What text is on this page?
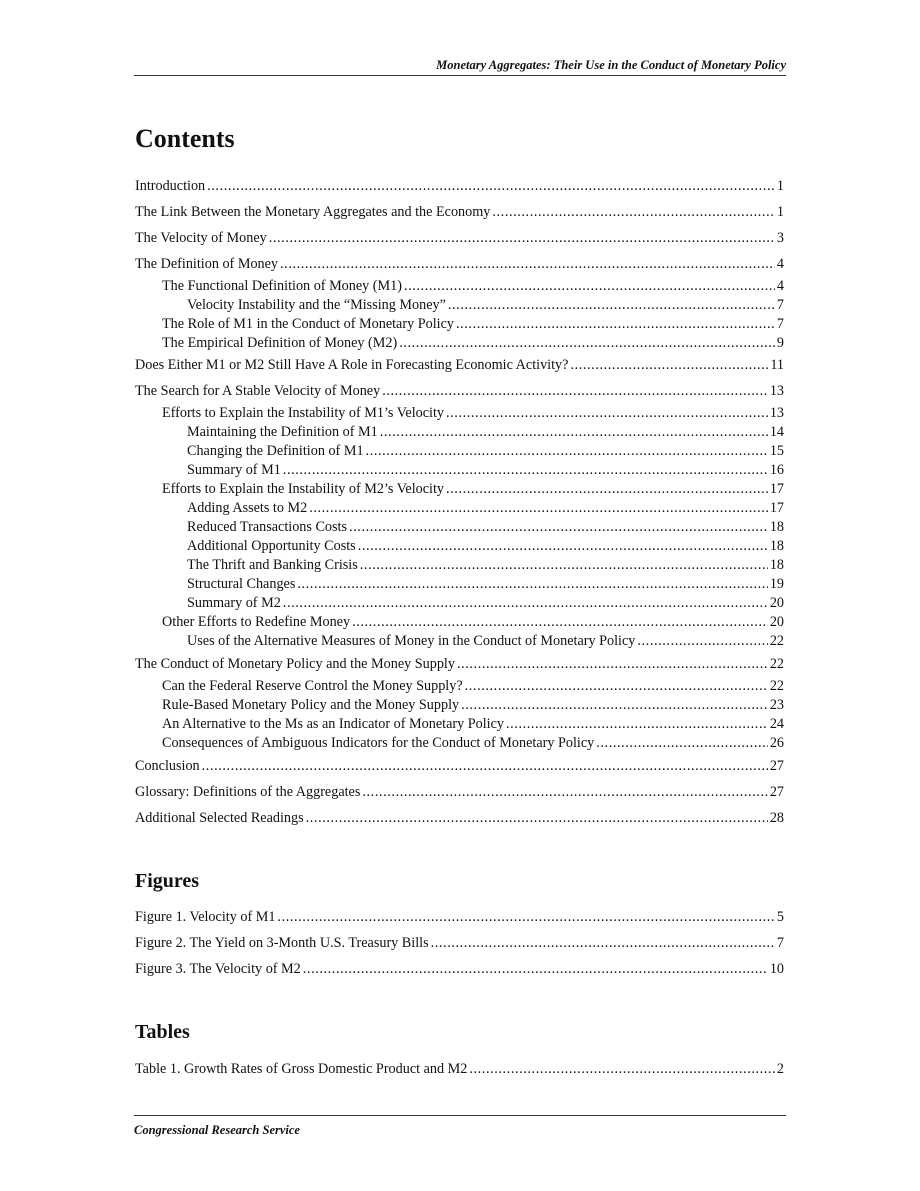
Monetary Aggregates: Their Use in the Conduct of Monetary Policy
Contents
Introduction .....	1
The Link Between the Monetary Aggregates and the Economy .....	1
The Velocity of Money .....	3
The Definition of Money .....	4
The Functional Definition of Money (M1) .....	4
Velocity Instability and the “Missing Money” .....	7
The Role of M1 in the Conduct of Monetary Policy .....	7
The Empirical Definition of Money (M2) .....	9
Does Either M1 or M2 Still Have A Role in Forecasting Economic Activity? .....	11
The Search for A Stable Velocity of Money .....	13
Efforts to Explain the Instability of M1’s Velocity .....	13
Maintaining the Definition of M1 .....	14
Changing the Definition of M1 .....	15
Summary of M1 .....	16
Efforts to Explain the Instability of M2’s Velocity .....	17
Adding Assets to M2 .....	17
Reduced Transactions Costs .....	18
Additional Opportunity Costs .....	18
The Thrift and Banking Crisis .....	18
Structural Changes .....	19
Summary of M2 .....	20
Other Efforts to Redefine Money .....	20
Uses of the Alternative Measures of Money in the Conduct of Monetary Policy .....	22
The Conduct of Monetary Policy and the Money Supply .....	22
Can the Federal Reserve Control the Money Supply? .....	22
Rule-Based Monetary Policy and the Money Supply .....	23
An Alternative to the Ms as an Indicator of Monetary Policy .....	24
Consequences of Ambiguous Indicators for the Conduct of Monetary Policy .....	26
Conclusion .....	27
Glossary: Definitions of the Aggregates .....	27
Additional Selected Readings .....	28
Figures
Figure 1. Velocity of M1 .....	5
Figure 2. The Yield on 3-Month U.S. Treasury Bills .....	7
Figure 3. The Velocity of M2 .....	10
Tables
Table 1. Growth Rates of Gross Domestic Product and M2 .....	2
Congressional Research Service
